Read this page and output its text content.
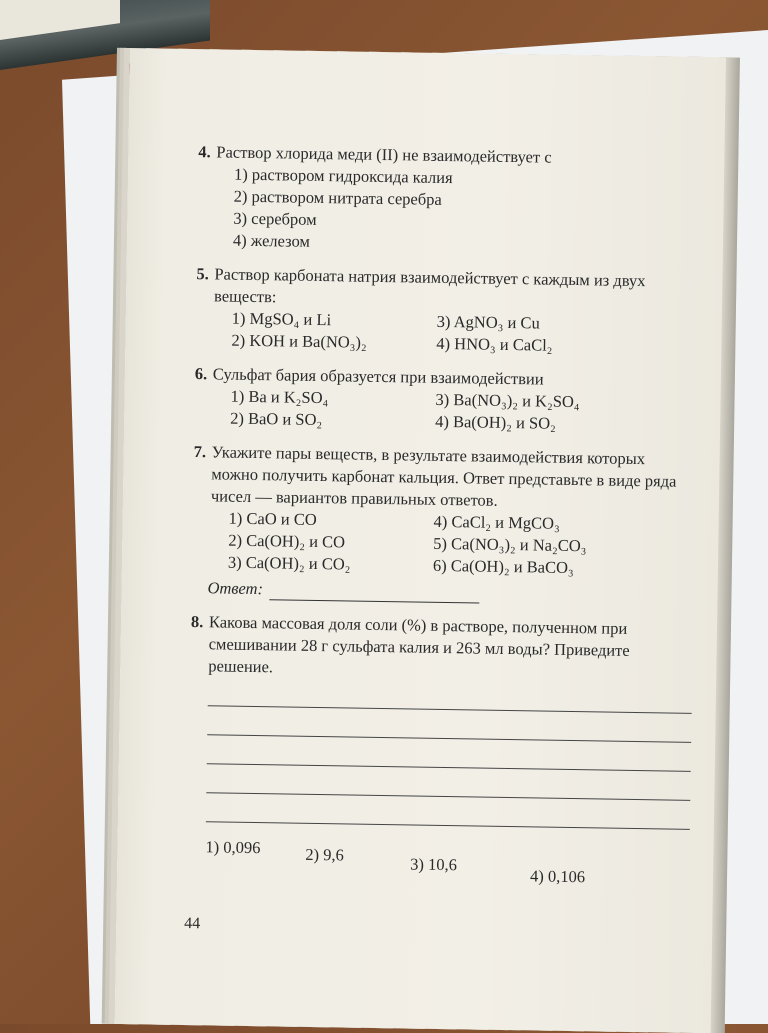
4. Раствор хлорида меди (II) не взаимодействует с
1) раствором гидроксида калия
2) раствором нитрата серебра
3) серебром
4) железом
5. Раствор карбоната натрия взаимодействует с каждым из двух веществ:
1) MgSO₄ и Li	3) AgNO₃ и Cu
2) KOH и Ba(NO₃)₂	4) HNO₃ и CaCl₂
6. Сульфат бария образуется при взаимодействии
1) Ba и K₂SO₄	3) Ba(NO₃)₂ и K₂SO₄
2) BaO и SO₂	4) Ba(OH)₂ и SO₂
7. Укажите пары веществ, в результате взаимодействия которых можно получить карбонат кальция. Ответ представьте в виде ряда чисел — вариантов правильных ответов.
1) CaO и CO	4) CaCl₂ и MgCO₃
2) Ca(OH)₂ и CO	5) Ca(NO₃)₂ и Na₂CO₃
3) Ca(OH)₂ и CO₂	6) Ca(OH)₂ и BaCO₃
Ответ:
8. Какова массовая доля соли (%) в растворе, полученном при смешивании 28 г сульфата калия и 263 мл воды? Приведите решение.
1) 0,096	2) 9,6	3) 10,6
4) 0,106
44
